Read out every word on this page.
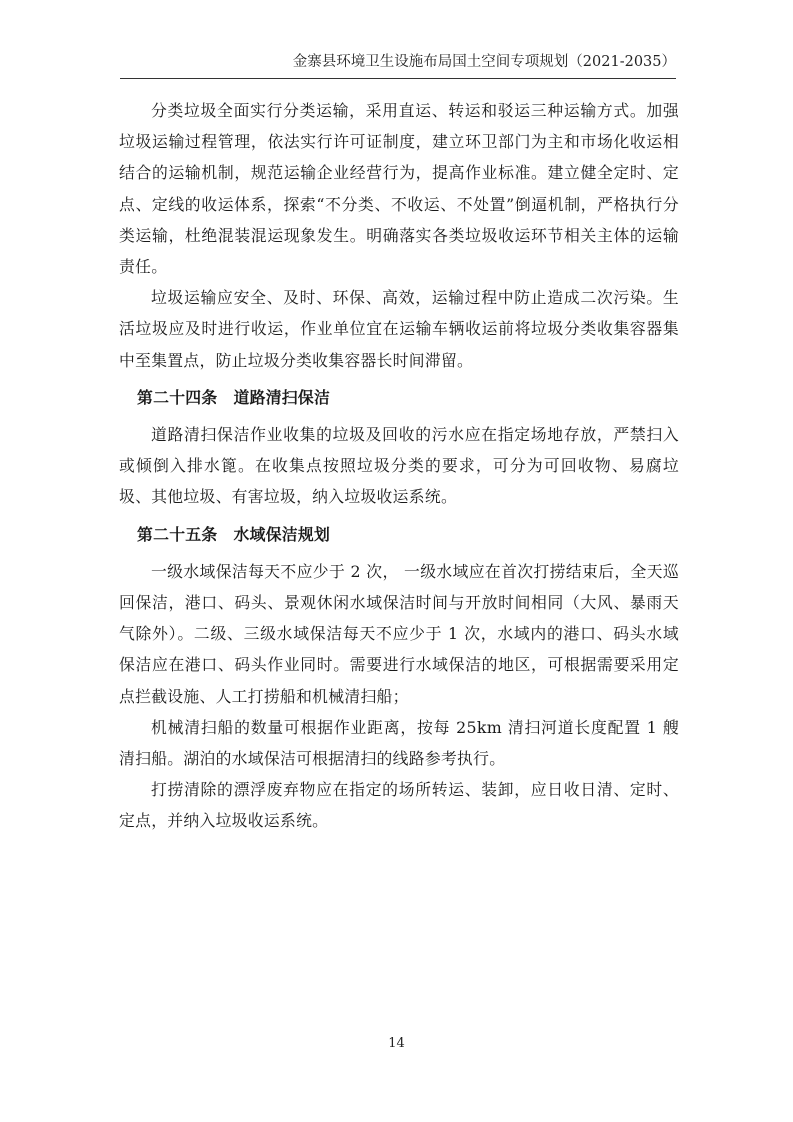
金寨县环境卫生设施布局国土空间专项规划（2021-2035）

分类垃圾全面实行分类运输，采用直运、转运和驳运三种运输方式。加强垃圾运输过程管理，依法实行许可证制度，建立环卫部门为主和市场化收运相结合的运输机制，规范运输企业经营行为，提高作业标准。建立健全定时、定点、定线的收运体系，探索“不分类、不收运、不处置”倒逼机制，严格执行分类运输，杜绝混装混运现象发生。明确落实各类垃圾收运环节相关主体的运输责任。

垃圾运输应安全、及时、环保、高效，运输过程中防止造成二次污染。生活垃圾应及时进行收运，作业单位宜在运输车辆收运前将垃圾分类收集容器集中至集置点，防止垃圾分类收集容器长时间滞留。

第二十四条 道路清扫保洁

道路清扫保洁作业收集的垃圾及回收的污水应在指定场地存放，严禁扫入或倾倒入排水篦。在收集点按照垃圾分类的要求，可分为可回收物、易腐垃圾、其他垃圾、有害垃圾，纳入垃圾收运系统。

第二十五条 水域保洁规划

一级水域保洁每天不应少于 2 次， 一级水域应在首次打捞结束后，全天巡回保洁，港口、码头、景观休闲水域保洁时间与开放时间相同（大风、暴雨天气除外）。二级、三级水域保洁每天不应少于 1 次，水域内的港口、码头水域保洁应在港口、码头作业同时。需要进行水域保洁的地区，可根据需要采用定点拦截设施、人工打捞船和机械清扫船；

机械清扫船的数量可根据作业距离，按每 25km 清扫河道长度配置 1 艘清扫船。湖泊的水域保洁可根据清扫的线路参考执行。

打捞清除的漂浮废弃物应在指定的场所转运、装卸，应日收日清、定时、定点，并纳入垃圾收运系统。

14
